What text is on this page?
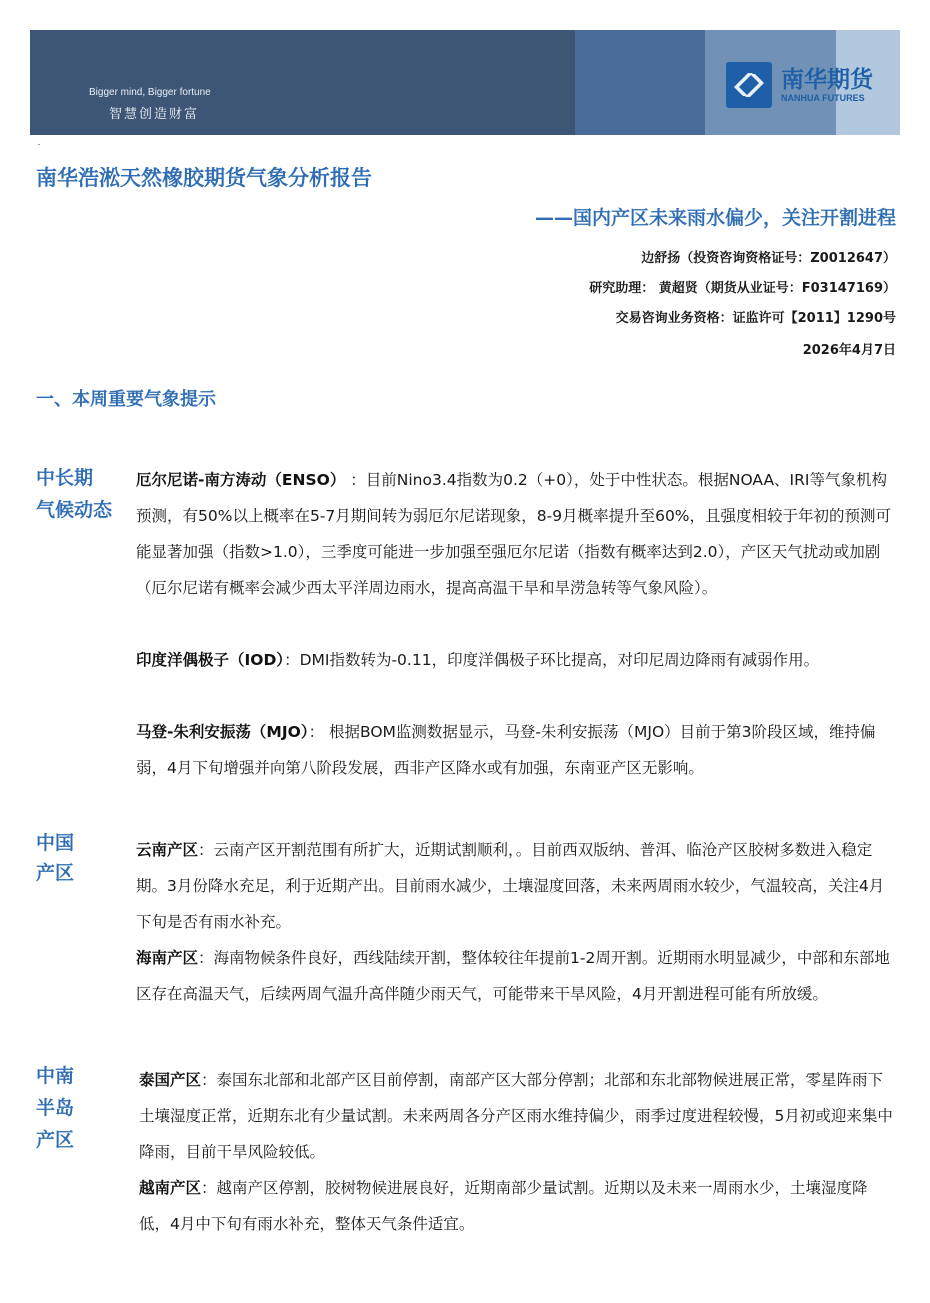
Bigger mind, Bigger fortune
智慧创造财富
南华期货
NANHUA FUTURES
南华浩淞天然橡胶期货气象分析报告
——国内产区未来雨水偏少，关注开割进程
边舒扬（投资咨询资格证号：Z0012647）
研究助理： 黄超贤（期货从业证号：F03147169）
交易咨询业务资格：证监许可【2011】1290号
2026年4月7日
一、本周重要气象提示
中长期
气候动态
厄尔尼诺-南方涛动（ENSO） ：目前Nino3.4指数为0.2（+0），处于中性状态。根据NOAA、IRI等气象机构预测，有50%以上概率在5-7月期间转为弱厄尔尼诺现象，8-9月概率提升至60%，且强度相较于年初的预测可能显著加强（指数>1.0），三季度可能进一步加强至强厄尔尼诺（指数有概率达到2.0），产区天气扰动或加剧（厄尔尼诺有概率会减少西太平洋周边雨水，提高高温干旱和旱涝急转等气象风险）。
印度洋偶极子（IOD）：DMI指数转为-0.11，印度洋偶极子环比提高，对印尼周边降雨有减弱作用。
马登-朱利安振荡（MJO）： 根据BOM监测数据显示，马登-朱利安振荡（MJO）目前于第3阶段区域，维持偏弱，4月下旬增强并向第八阶段发展，西非产区降水或有加强，东南亚产区无影响。
中国
产区
云南产区：云南产区开割范围有所扩大，近期试割顺利，。目前西双版纳、普洱、临沧产区胶树多数进入稳定期。3月份降水充足，利于近期产出。目前雨水减少，土壤湿度回落，未来两周雨水较少，气温较高，关注4月下旬是否有雨水补充。
海南产区：海南物候条件良好，西线陆续开割，整体较往年提前1-2周开割。近期雨水明显减少，中部和东部地区存在高温天气，后续两周气温升高伴随少雨天气，可能带来干旱风险，4月开割进程可能有所放缓。
中南
半岛
产区
泰国产区：泰国东北部和北部产区目前停割，南部产区大部分停割；北部和东北部物候进展正常，零星阵雨下土壤湿度正常，近期东北有少量试割。未来两周各分产区雨水维持偏少，雨季过度进程较慢，5月初或迎来集中降雨，目前干旱风险较低。
越南产区：越南产区停割，胶树物候进展良好，近期南部少量试割。近期以及未来一周雨水少，土壤湿度降低，4月中下旬有雨水补充，整体天气条件适宜。
